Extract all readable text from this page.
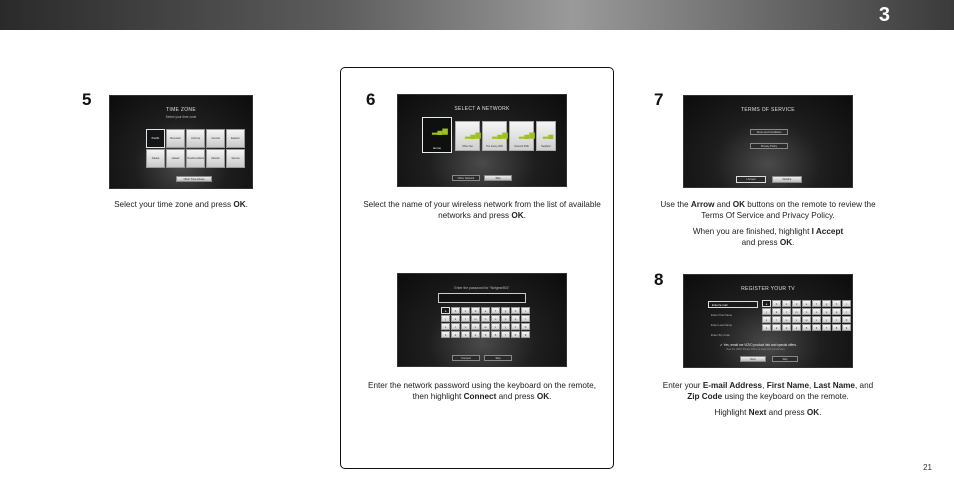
3
5
TIME ZONE
Select your time zone
Pacific	Mountain	Arizona	Central	Eastern
Alaska	Hawaii	Newfoundland	Atlantic	Samoa
Other Time Zones
Select your time zone and press OK.
6	SELECT A NETWORK
▂▄▆
Home
▂▄▆
Office Net
▂▄▆
The Fancy WiFi
▂▄▆
Network 5GB
▂▄
Neighbor
Other Network	Skip
Select the name of your wireless network from the list of available networks and press OK.
Enter the password for "Netgear501"
a	b	c	d	e	f	g	h	i
j	k	l	m	n	o	p	q	r
s	t	u	v	w	x	y	z	0
1	2	3	4	5	6	7	8	9
Connect	Skip
Enter the network password using the keyboard on the remote, then highlight Connect and press OK.
7
TERMS OF SERVICE
Terms and Conditions
Privacy Policy
I Accept	Decline

Use the Arrow and OK buttons on the remote to review the Terms Of Service and Privacy Policy.

When you are finished, highlight I Accept
and press OK.

8	REGISTER YOUR TV
Enter E-mail
Enter First Name
Enter Last Name
Enter Zip Code
a	b	c	d	e	f	g	h	i
j	k	l	m	n	o	p	q	r
s	t	u	v	w	x	y	z	0
1	2	3	4	5	6	7	8	9
✔ Yes, email me VIZIO product info and special offers.
View the VIZIO Privacy Policy at www.vizio.com/privacy
Next	Skip

Enter your E-mail Address, First Name, Last Name, and Zip Code using the keyboard on the remote.

Highlight Next and press OK.

21
